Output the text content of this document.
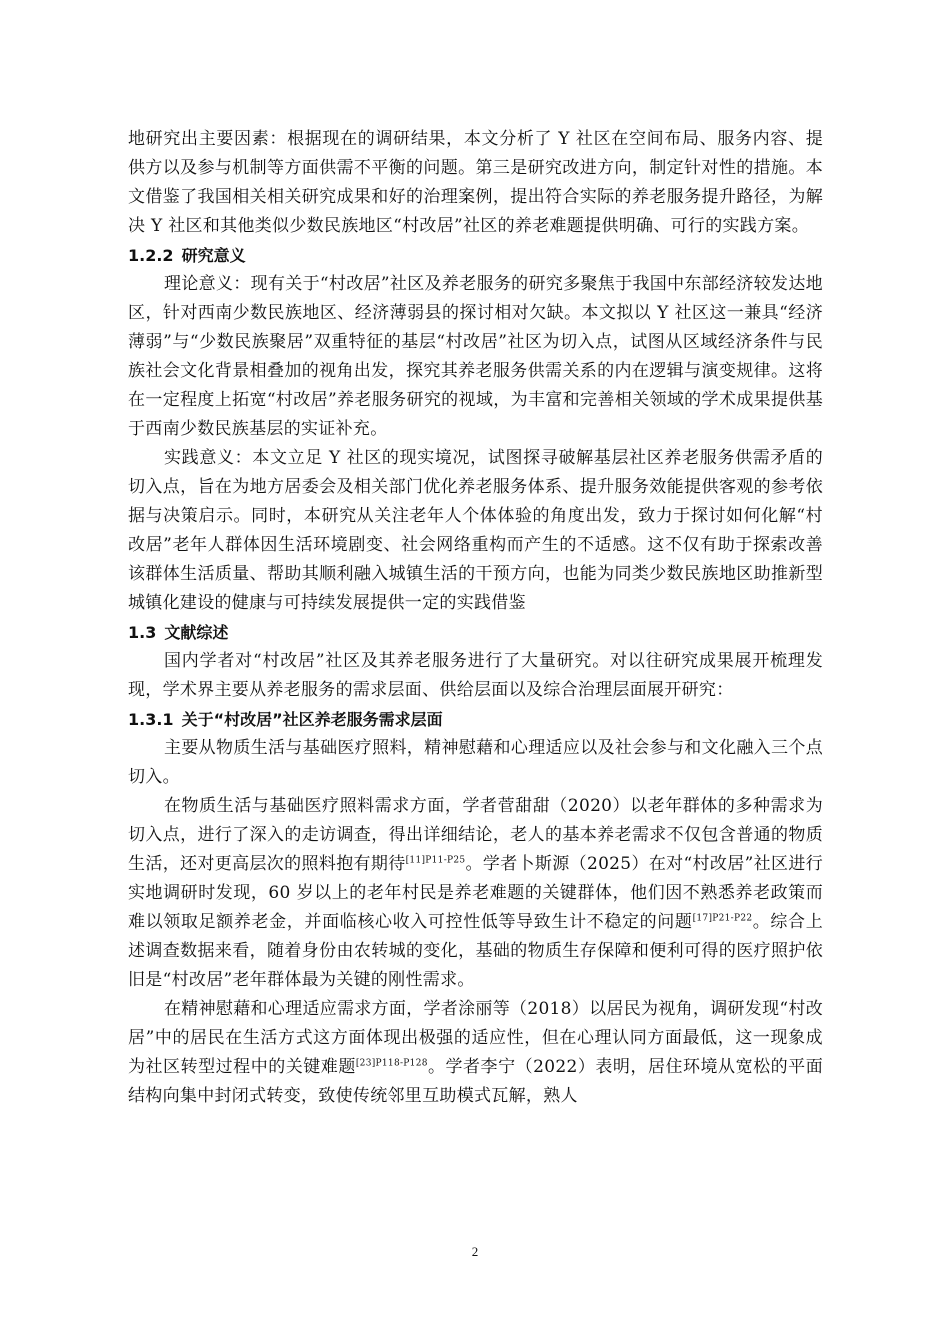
地研究出主要因素：根据现在的调研结果，本文分析了 Y 社区在空间布局、服务内容、提供方以及参与机制等方面供需不平衡的问题。第三是研究改进方向，制定针对性的措施。本文借鉴了我国相关相关研究成果和好的治理案例，提出符合实际的养老服务提升路径，为解决 Y 社区和其他类似少数民族地区“村改居”社区的养老难题提供明确、可行的实践方案。

1.2.2 研究意义

理论意义：现有关于“村改居”社区及养老服务的研究多聚焦于我国中东部经济较发达地区，针对西南少数民族地区、经济薄弱县的探讨相对欠缺。本文拟以 Y 社区这一兼具“经济薄弱”与“少数民族聚居”双重特征的基层“村改居”社区为切入点，试图从区域经济条件与民族社会文化背景相叠加的视角出发，探究其养老服务供需关系的内在逻辑与演变规律。这将在一定程度上拓宽“村改居”养老服务研究的视域，为丰富和完善相关领域的学术成果提供基于西南少数民族基层的实证补充。

实践意义：本文立足 Y 社区的现实境况，试图探寻破解基层社区养老服务供需矛盾的切入点，旨在为地方居委会及相关部门优化养老服务体系、提升服务效能提供客观的参考依据与决策启示。同时，本研究从关注老年人个体体验的角度出发，致力于探讨如何化解“村改居”老年人群体因生活环境剧变、社会网络重构而产生的不适感。这不仅有助于探索改善该群体生活质量、帮助其顺利融入城镇生活的干预方向，也能为同类少数民族地区助推新型城镇化建设的健康与可持续发展提供一定的实践借鉴

1.3 文献综述

国内学者对“村改居”社区及其养老服务进行了大量研究。对以往研究成果展开梳理发现，学术界主要从养老服务的需求层面、供给层面以及综合治理层面展开研究：

1.3.1 关于“村改居”社区养老服务需求层面

主要从物质生活与基础医疗照料，精神慰藉和心理适应以及社会参与和文化融入三个点切入。

在物质生活与基础医疗照料需求方面，学者菅甜甜（2020）以老年群体的多种需求为切入点，进行了深入的走访调查，得出详细结论，老人的基本养老需求不仅包含普通的物质生活，还对更高层次的照料抱有期待$^{[11]P11-P25}$。学者卜斯源（2025）在对“村改居”社区进行实地调研时发现，60 岁以上的老年村民是养老难题的关键群体，他们因不熟悉养老政策而难以领取足额养老金，并面临核心收入可控性低等导致生计不稳定的问题$^{[17]P21-P22}$。综合上述调查数据来看，随着身份由农转城的变化，基础的物质生存保障和便利可得的医疗照护依旧是“村改居”老年群体最为关键的刚性需求。

在精神慰藉和心理适应需求方面，学者涂丽等（2018）以居民为视角，调研发现“村改居”中的居民在生活方式这方面体现出极强的适应性，但在心理认同方面最低，这一现象成为社区转型过程中的关键难题$^{[23]P118-P128}$。学者李宁（2022）表明，居住环境从宽松的平面结构向集中封闭式转变，致使传统邻里互助模式瓦解，熟人

2
